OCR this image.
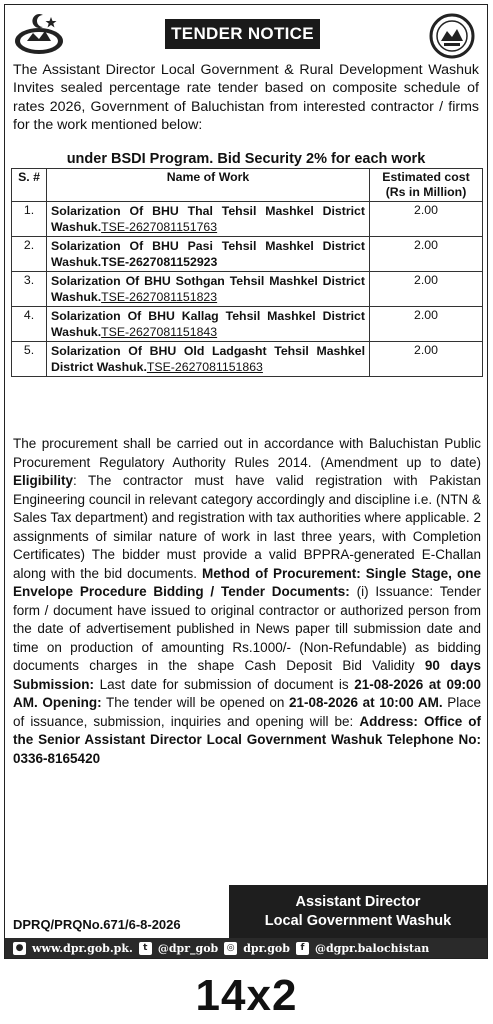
TENDER NOTICE
The Assistant Director Local Government & Rural Development Washuk Invites sealed percentage rate tender based on composite schedule of rates 2026, Government of Baluchistan from interested contractor / firms for the work mentioned below:
under BSDI Program. Bid Security 2% for each work
S. #	Name of Work	Estimated cost
(Rs in Million)
1.	Solarization Of BHU Thal Tehsil Mashkel District Washuk.TSE-2627081151763	2.00
2.	Solarization Of BHU Pasi Tehsil Mashkel District Washuk.TSE-2627081152923	2.00
3.	Solarization Of BHU Sothgan Tehsil Mashkel District Washuk.TSE-2627081151823	2.00
4.	Solarization Of BHU Kallag Tehsil Mashkel District Washuk.TSE-2627081151843	2.00
5.	Solarization Of BHU Old Ladgasht Tehsil Mashkel District Washuk.TSE-2627081151863	2.00
The procurement shall be carried out in accordance with Baluchistan Public Procurement Regulatory Authority Rules 2014. (Amendment up to date) Eligibility: The contractor must have valid registration with Pakistan Engineering council in relevant category accordingly and discipline i.e. (NTN & Sales Tax department) and registration with tax authorities where applicable. 2 assignments of similar nature of work in last three years, with Completion Certificates) The bidder must provide a valid BPPRA-generated E-Challan along with the bid documents. Method of Procurement: Single Stage, one Envelope Procedure Bidding / Tender Documents: (i) Issuance: Tender form / document have issued to original contractor or authorized person from the date of advertisement published in News paper till submission date and time on production of amounting Rs.1000/- (Non-Refundable) as bidding documents charges in the shape Cash Deposit Bid Validity 90 days Submission: Last date for submission of document is 21-08-2026 at 09:00 AM. Opening: The tender will be opened on 21-08-2026 at 10:00 AM. Place of issuance, submission, inquiries and opening will be: Address: Office of the Senior Assistant Director Local Government Washuk Telephone No: 0336-8165420
DPRQ/PRQNo.671/6-8-2026
Assistant Director
Local Government Washuk
● www.dpr.gob.pk.	t @dpr_gob ◎ dpr.gob	f @dgpr.balochistan
14x2
